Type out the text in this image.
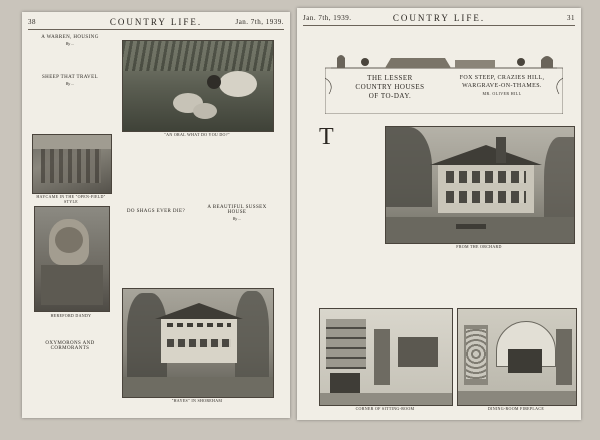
38	COUNTRY LIFE.	Jan. 7th, 1939.
A WARREN, HOUSING
By ...
SHEEP THAT TRAVEL
By ...
HAYCAME IN THE "OPEN-FIELD" STYLE
HEREFORD DANDY
OXYMORONS AND CORMORANTS
"AN ORAL WHAT DO YOU DO?"
DO SHAGS EVER DIE?
A BEAUTIFUL SUSSEX HOUSE
By ...
"HAYES" IN SHOREHAM
Jan. 7th, 1939.	COUNTRY LIFE.	31
THE LESSER
COUNTRY HOUSES
OF TO-DAY.
FOX STEEP, CRAZIES HILL,
WARGRAVE-ON-THAMES.
MR. OLIVER HILL
T
FROM THE ORCHARD
CORNER OF SITTING-ROOM	DINING-ROOM FIREPLACE
